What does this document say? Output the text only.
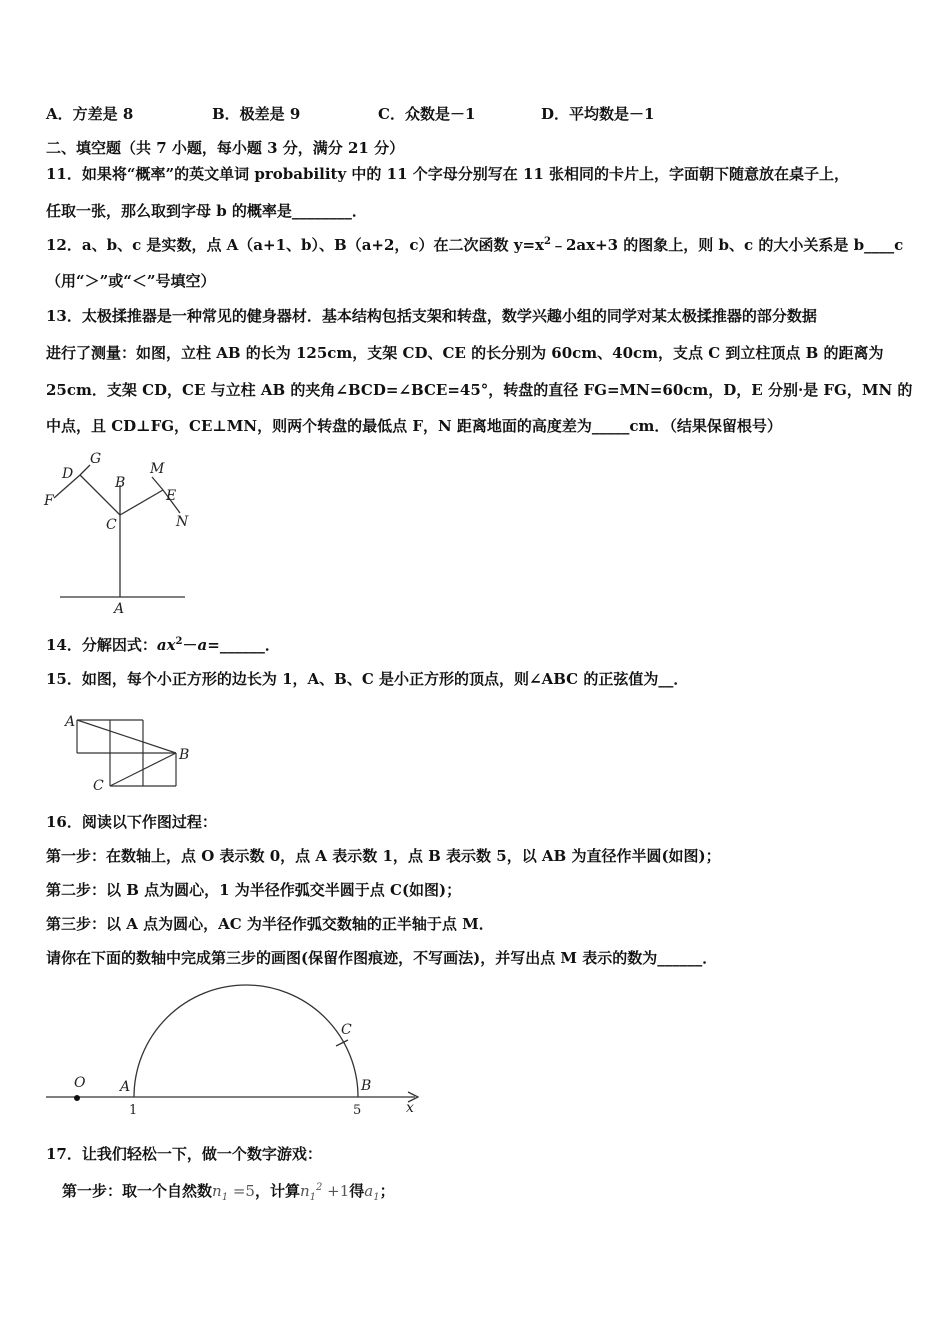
A．方差是 8	B．极差是 9	C．众数是－1	D．平均数是－1
二、填空题（共 7 小题，每小题 3 分，满分 21 分）
11．如果将“概率”的英文单词 probability 中的 11 个字母分别写在 11 张相同的卡片上，字面朝下随意放在桌子上，
任取一张，那么取到字母 b 的概率是________．
12．a、b、c 是实数，点 A（a+1、b）、B（a+2，c）在二次函数 $y=x^2﹣2ax+3$ 的图象上，则 b、c 的大小关系是 b____c
（用“＞”或“＜”号填空）
13．太极揉推器是一种常见的健身器材．基本结构包括支架和转盘，数学兴趣小组的同学对某太极揉推器的部分数据
进行了测量：如图，立柱 AB 的长为 125cm，支架 CD、CE 的长分别为 60cm、40cm，支点 C 到立柱顶点 B 的距离为
25cm．支架 CD，CE 与立柱 AB 的夹角∠BCD=∠BCE=45°，转盘的直径 FG=MN=60cm，D，E 分别·是 FG，MN 的
中点，且 CD⊥FG，CE⊥MN，则两个转盘的最低点 F，N 距离地面的高度差为_____cm．（结果保留根号）
D
G
B
M
E
F
C	N
A
14．分解因式：$ax^2-a=\_\_\_\_\_\_$．
15．如图，每个小正方形的边长为 1，A、B、C 是小正方形的顶点，则∠ABC 的正弦值为__．
A
B
C
16．阅读以下作图过程：
第一步：在数轴上，点 O 表示数 0，点 A 表示数 1，点 B 表示数 5，以 AB 为直径作半圆(如图)；
第二步：以 B 点为圆心，1 为半径作弧交半圆于点 C(如图)；
第三步：以 A 点为圆心，AC 为半径作弧交数轴的正半轴于点 M．
请你在下面的数轴中完成第三步的画图(保留作图痕迹，不写画法)，并写出点 M 表示的数为______．
O A	B
C
x
1	5
17．让我们轻松一下，做一个数字游戏：
第一步：取一个自然数$n_1 =5$，计算$n_1^2 +1$得$a_1$；
